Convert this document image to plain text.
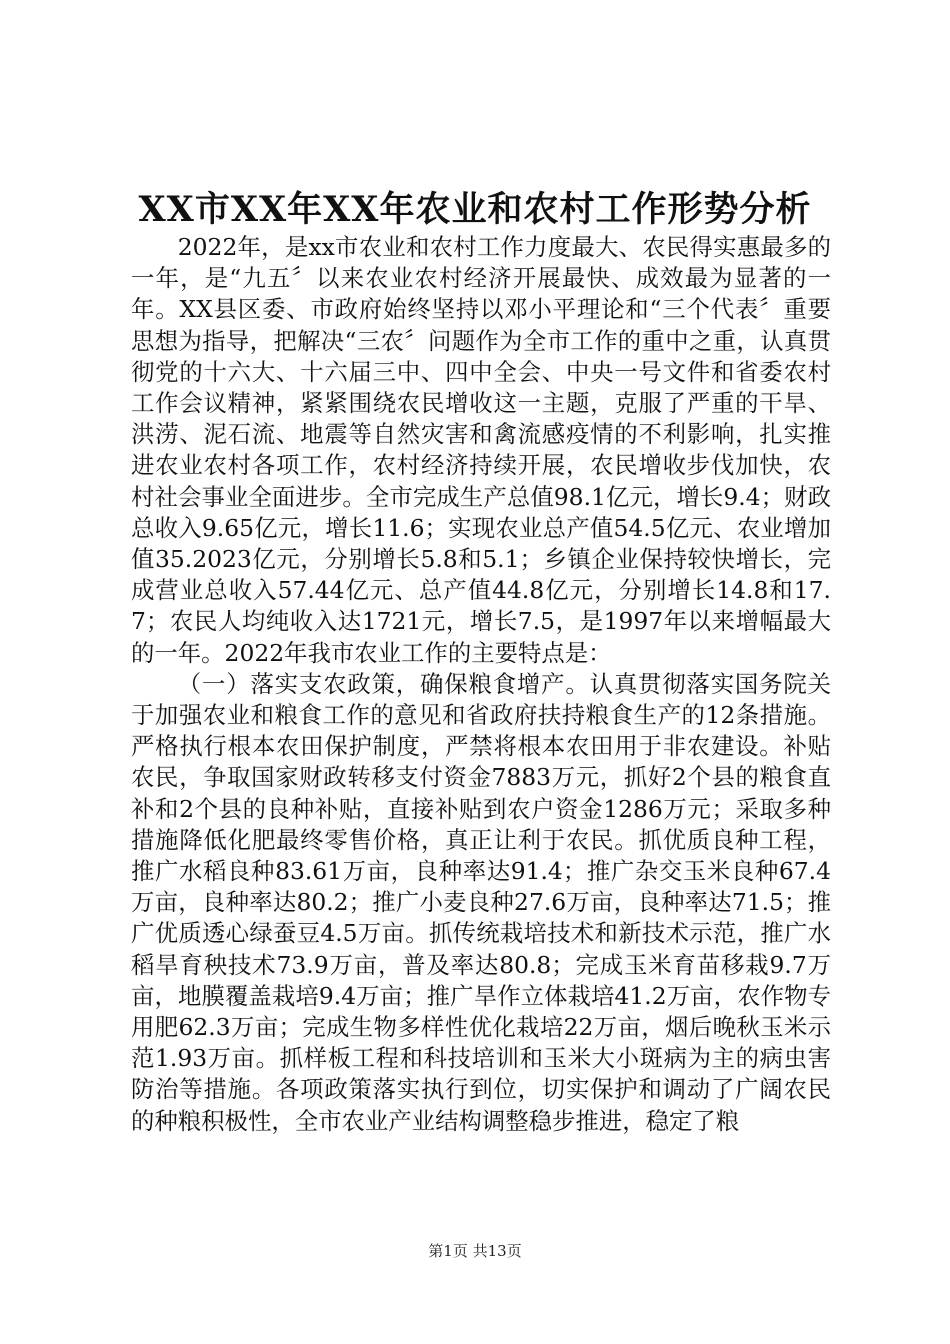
XX市XX年XX年农业和农村工作形势分析

2022年，是xx市农业和农村工作力度最大、农民得实惠最多的一年，是“九五〞以来农业农村经济开展最快、成效最为显著的一年。XX县区委、市政府始终坚持以邓小平理论和“三个代表〞重要思想为指导，把解决“三农〞问题作为全市工作的重中之重，认真贯彻党的十六大、十六届三中、四中全会、中央一号文件和省委农村工作会议精神，紧紧围绕农民增收这一主题，克服了严重的干旱、洪涝、泥石流、地震等自然灾害和禽流感疫情的不利影响，扎实推进农业农村各项工作，农村经济持续开展，农民增收步伐加快，农村社会事业全面进步。全市完成生产总值98.1亿元，增长9.4；财政总收入9.65亿元，增长11.6；实现农业总产值54.5亿元、农业增加值35.2023亿元，分别增长5.8和5.1；乡镇企业保持较快增长，完成营业总收入57.44亿元、总产值44.8亿元，分别增长14.8和17.7；农民人均纯收入达1721元，增长7.5，是1997年以来增幅最大的一年。2022年我市农业工作的主要特点是：

（一）落实支农政策，确保粮食增产。认真贯彻落实国务院关于加强农业和粮食工作的意见和省政府扶持粮食生产的12条措施。严格执行根本农田保护制度，严禁将根本农田用于非农建设。补贴农民，争取国家财政转移支付资金7883万元，抓好2个县的粮食直补和2个县的良种补贴，直接补贴到农户资金1286万元；采取多种措施降低化肥最终零售价格，真正让利于农民。抓优质良种工程，推广水稻良种83.61万亩，良种率达91.4；推广杂交玉米良种67.4万亩，良种率达80.2；推广小麦良种27.6万亩，良种率达71.5；推广优质透心绿蚕豆4.5万亩。抓传统栽培技术和新技术示范，推广水稻旱育秧技术73.9万亩，普及率达80.8；完成玉米育苗移栽9.7万亩，地膜覆盖栽培9.4万亩；推广旱作立体栽培41.2万亩，农作物专用肥62.3万亩；完成生物多样性优化栽培22万亩，烟后晚秋玉米示范1.93万亩。抓样板工程和科技培训和玉米大小斑病为主的病虫害防治等措施。各项政策落实执行到位，切实保护和调动了广阔农民的种粮积极性，全市农业产业结构调整稳步推进，稳定了粮

第1页 共13页
